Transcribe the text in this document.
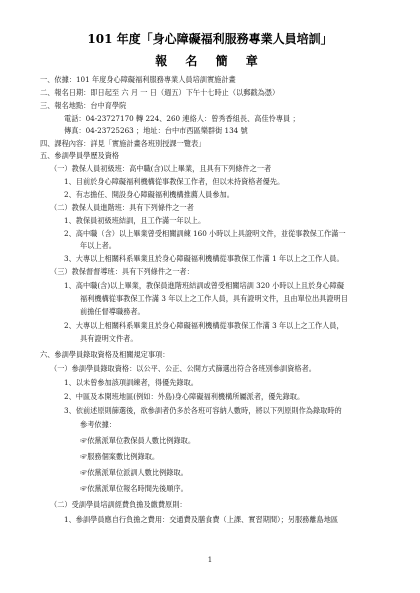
101 年度「身心障礙福利服務專業人員培訓」
報 名 簡 章
一、依據：101 年度身心障礙福利服務專業人員培訓實施計畫
二、報名日期：即日起至 六 月 一 日（週五）下午十七時止（以郵戳為憑）
三、報名地點：台中育學院
電話：04-23727170 轉 224、260 連絡人：曾秀香組長、高佳怜專員 ；
傳真：04-23725263 ；地址：台中市西區樂群街 134 號
四、課程內容：詳見「實施計畫各班別授課一覽表」
五、參訓學員學歷及資格
（一）教保人員初級班：高中職(含)以上畢業，且具有下列條件之一者
1、目前於身心障礙福利機構從事教保工作者，但以未持資格者優先。
2、有志擔任、開設身心障礙福利機構推薦人員參加。
（二）教保人員進階班：具有下列條件之一者
1、教保員初級班結訓，且工作滿一年以上。
2、高中職（含）以上畢業曾受相關訓練 160 小時以上具證明文件，並從事教保工作滿一
年以上者。
3、大專以上相關科系畢業且於身心障礙福利機構從事教保工作滿 1 年以上之工作人員。
（三）教保督督導班：具有下列條件之一者：
1、高中職(含)以上畢業，教保員進階班結訓或曾受相關培訓 320 小時以上且於身心障礙
福利機構從事教保工作滿 3 年以上之工作人員，具有證明文件，且由單位出具證明目
前擔任督導職務者。
2、大專以上相關科系畢業且於身心障礙福利機構從事教保工作滿 3 年以上之工作人員，
具有證明文件者。
六、參訓學員錄取資格及相關規定事項：
（一）參訓學員錄取資格：以公平、公正、公開方式篩選出符合各班別參訓資格者。
1、以未曾參加該項訓練者，得優先錄取。
2、中區及本開班地區(例如：外島)身心障礙福利機構所屬派者，優先錄取。
3、依前述原則篩選後，欲參訓者仍多於各班可容納人數時，將以下列原則作為錄取時的
參考依據：
☞依黨派單位教保員人數比例錄取。
☞服務個案數比例錄取。
☞依黨派單位派訓人數比例錄取。
☞依黨派單位報名時間先後順序。
（二）受訓學員培訓經費負擔及繳費原則：
1、參訓學員應自行負擔之費用：交通費及膳食費（上課、實習期間）；另服務離島地區
1
